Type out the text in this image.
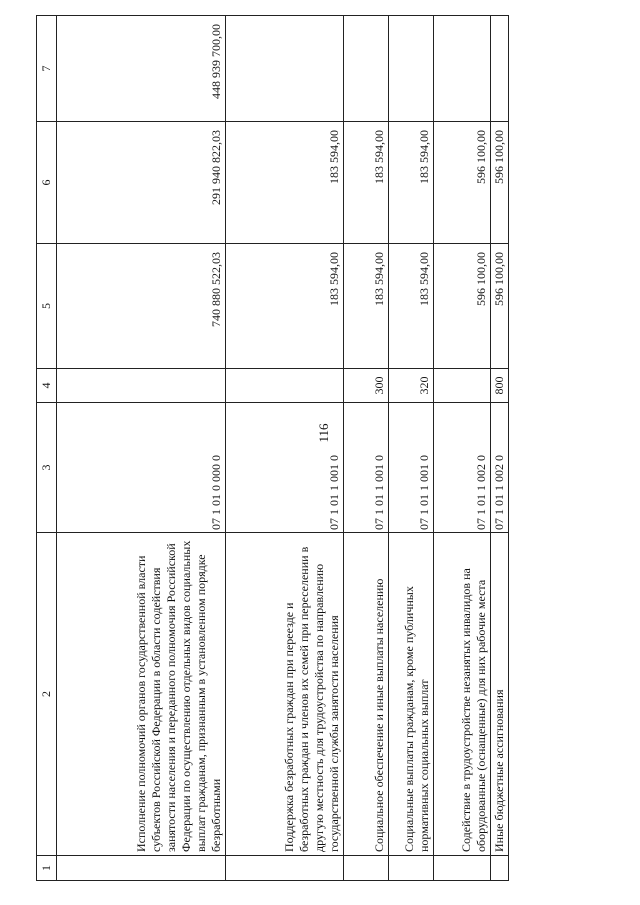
116
1	2	3	4	5	6	7
	Исполнение полномочий органов государственной власти субъектов Российской Федерации в области содействия занятости населения и переданного полномочия Российской Федерации по осуществлению отдельных видов социальных выплат гражданам, признанным в установленном порядке безработными	07 1 01 0 000 0		740 880 522,03	291 940 822,03	448 939 700,00
	Поддержка безработных граждан при переезде и безработных граждан и членов их семей при переселении в другую местность для трудоустройства по направлению государственной службы занятости населения	07 1 01 1 001 0		183 594,00	183 594,00	
	Социальное обеспечение и иные выплаты населению	07 1 01 1 001 0	300	183 594,00	183 594,00	
	Социальные выплаты гражданам, кроме публичных нормативных социальных выплат	07 1 01 1 001 0	320	183 594,00	183 594,00	
	Содействие в трудоустройстве незанятых инвалидов на оборудованные (оснащенные) для них рабочие места	07 1 01 1 002 0		596 100,00	596 100,00	
	Иные бюджетные ассигнования	07 1 01 1 002 0	800	596 100,00	596 100,00	
